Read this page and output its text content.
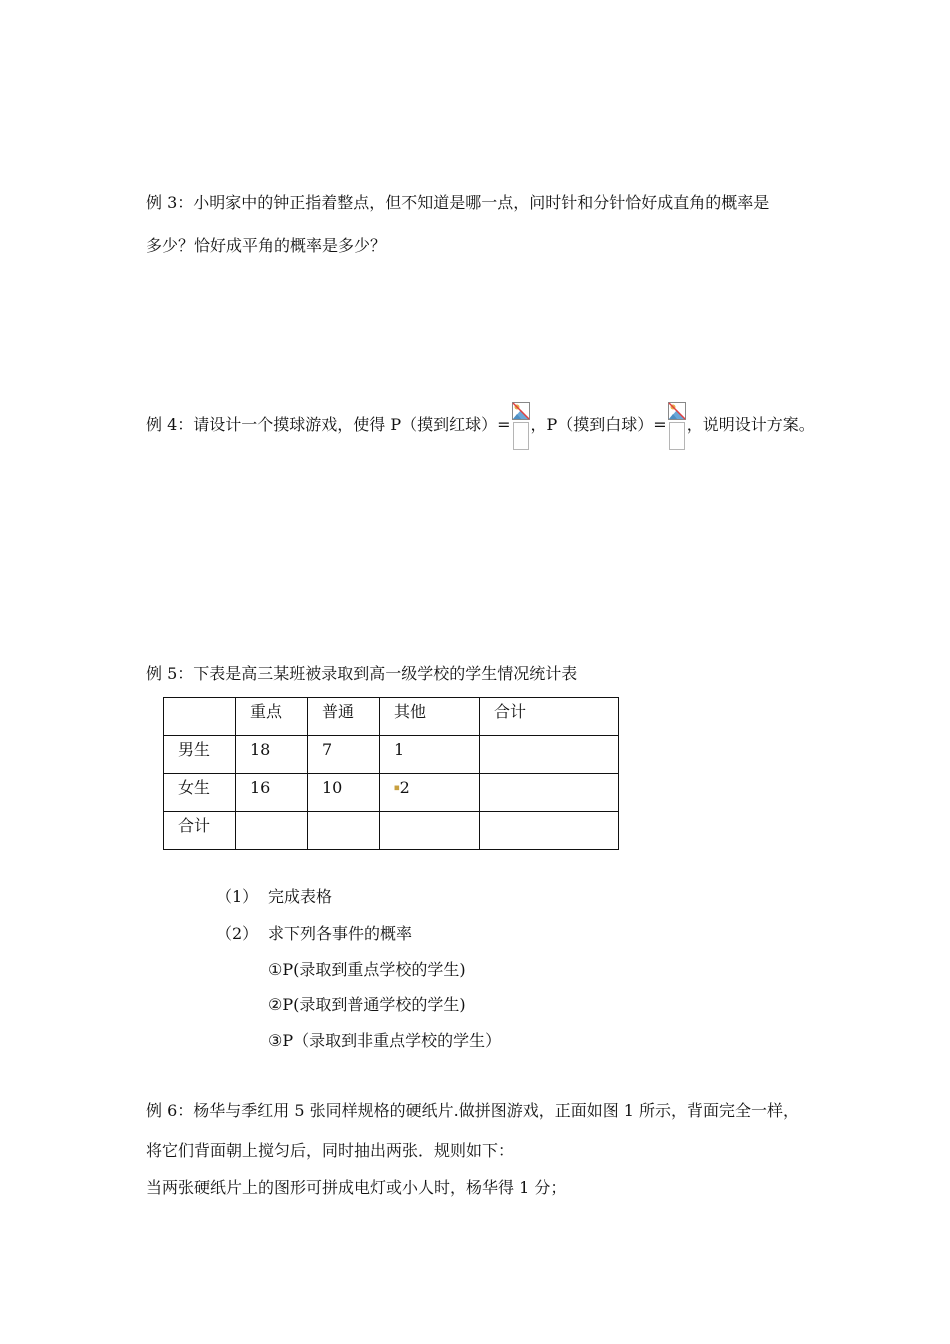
例 3：小明家中的钟正指着整点，但不知道是哪一点，问时针和分针恰好成直角的概率是
多少？恰好成平角的概率是多少？
例 4：请设计一个摸球游戏，使得 P（摸到红球）= ，P（摸到白球）= ，说明设计方案。
例 5：下表是高三某班被录取到高一级学校的学生情况统计表
	重点	普通	其他	合计
男生	18	7	1	
女生	16	10	■2	
合计				
（1） 完成表格
（2） 求下列各事件的概率
①P(录取到重点学校的学生)
②P(录取到普通学校的学生)
③P（录取到非重点学校的学生）
例 6：杨华与季红用 5 张同样规格的硬纸片.做拼图游戏，正面如图 1 所示，背面完全一样，
将它们背面朝上搅匀后，同时抽出两张．规则如下：
当两张硬纸片上的图形可拼成电灯或小人时，杨华得 1 分；
